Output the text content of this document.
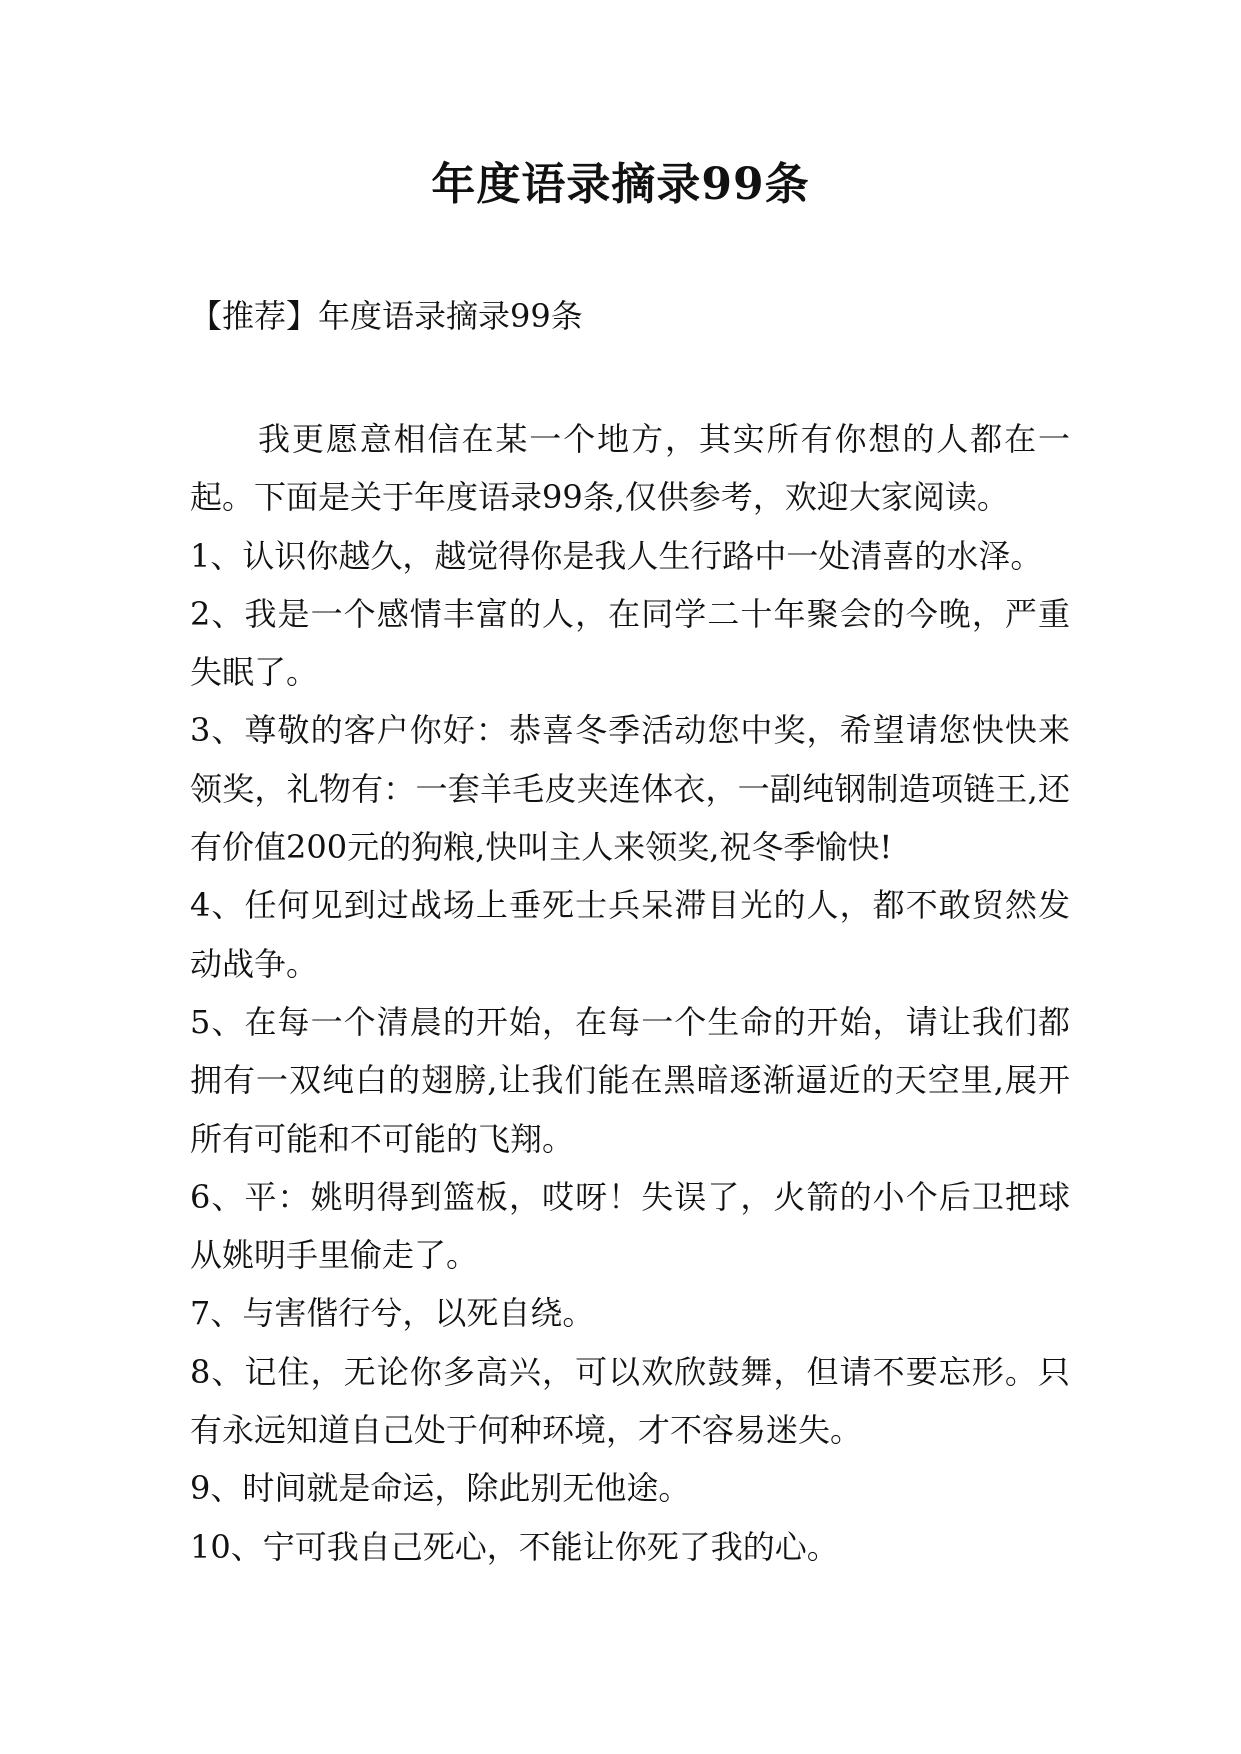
年度语录摘录99条
【推荐】年度语录摘录99条

我更愿意相信在某一个地方，其实所有你想的人都在一起。下面是关于年度语录99条,仅供参考，欢迎大家阅读。

1、认识你越久，越觉得你是我人生行路中一处清喜的水泽。

2、我是一个感情丰富的人，在同学二十年聚会的今晚，严重失眠了。

3、尊敬的客户你好：恭喜冬季活动您中奖，希望请您快快来领奖，礼物有：一套羊毛皮夹连体衣，一副纯钢制造项链王,还有价值200元的狗粮,快叫主人来领奖,祝冬季愉快!

4、任何见到过战场上垂死士兵呆滞目光的人，都不敢贸然发动战争。

5、在每一个清晨的开始，在每一个生命的开始，请让我们都拥有一双纯白的翅膀,让我们能在黑暗逐渐逼近的天空里,展开所有可能和不可能的飞翔。

6、平：姚明得到篮板，哎呀！失误了，火箭的小个后卫把球从姚明手里偷走了。

7、与害偕行兮，以死自绕。

8、记住，无论你多高兴，可以欢欣鼓舞，但请不要忘形。只有永远知道自己处于何种环境，才不容易迷失。

9、时间就是命运，除此别无他途。

10、宁可我自己死心，不能让你死了我的心。
